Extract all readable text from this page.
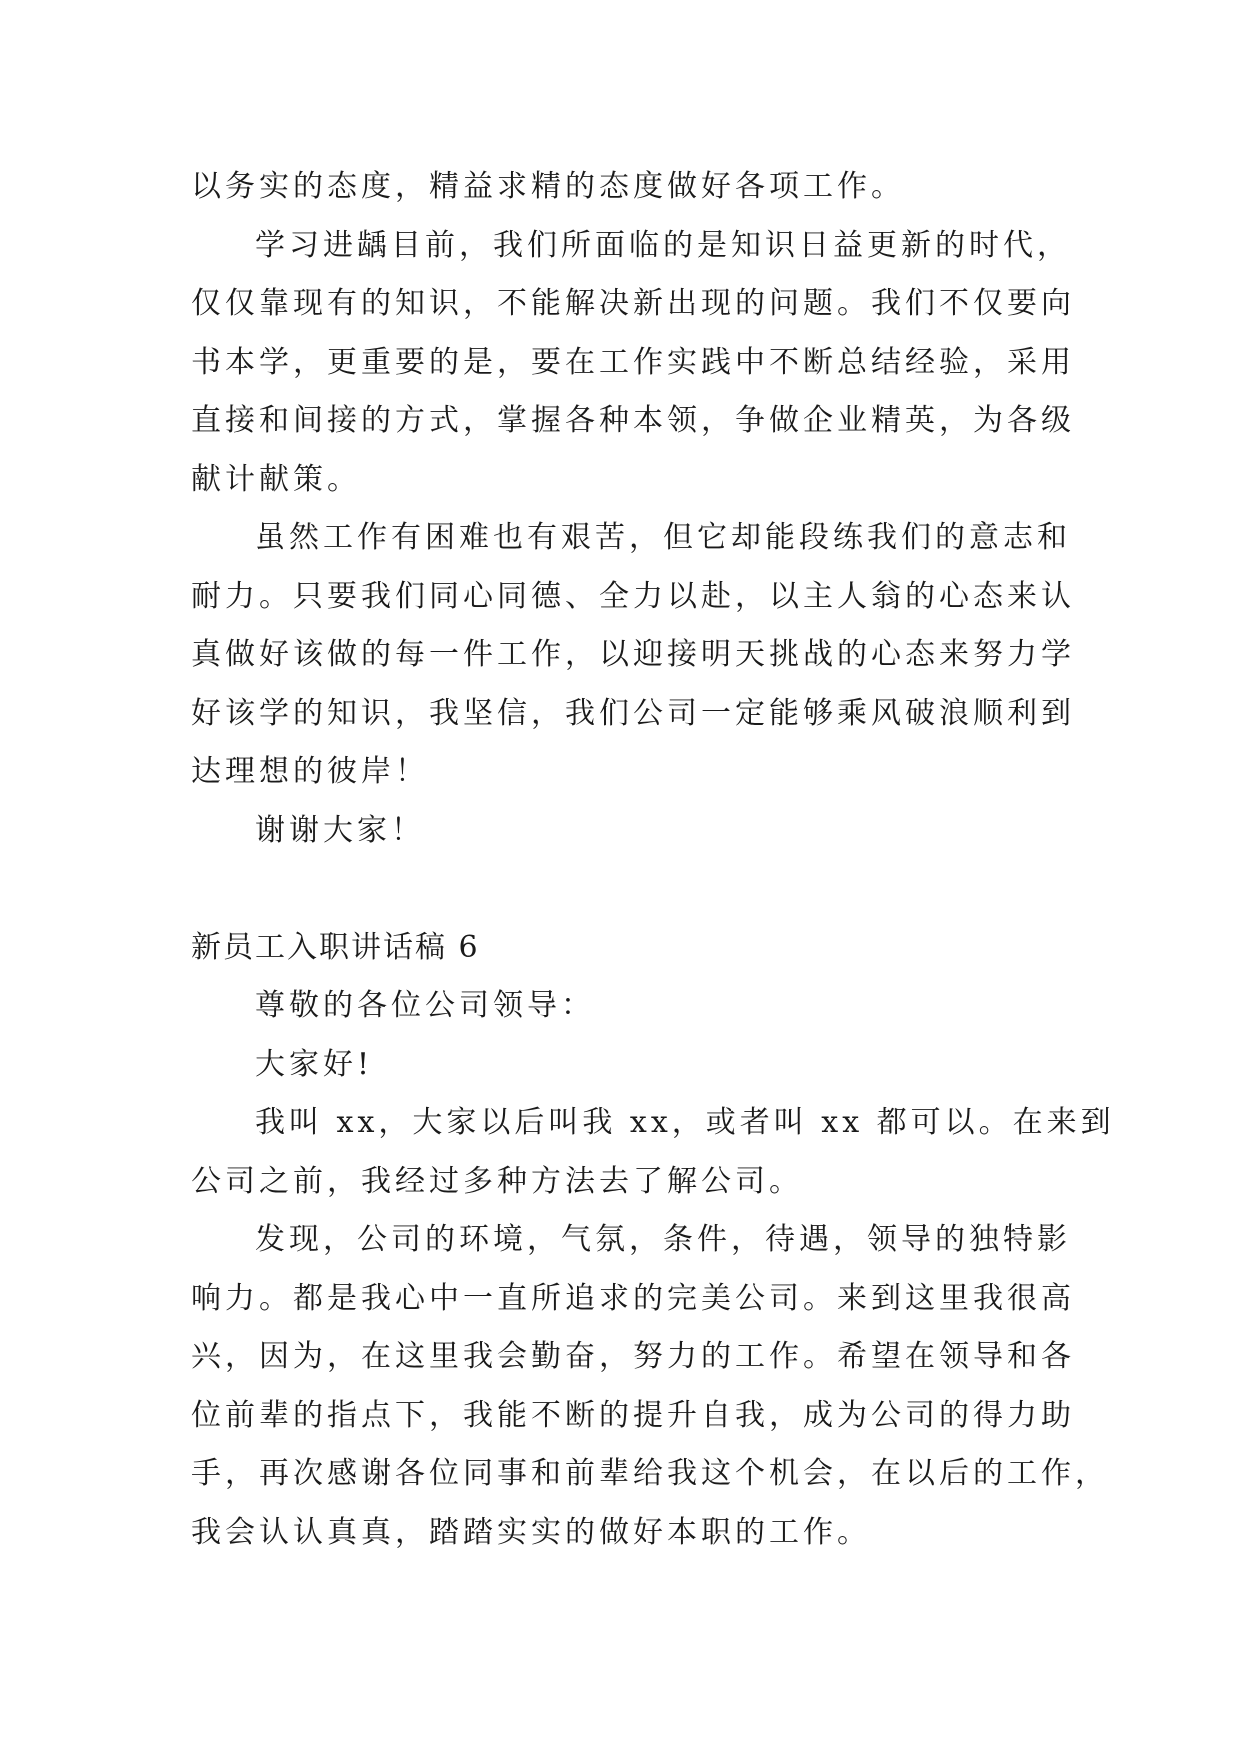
以务实的态度，精益求精的态度做好各项工作。
学习进龋目前，我们所面临的是知识日益更新的时代，
仅仅靠现有的知识，不能解决新出现的问题。我们不仅要向
书本学，更重要的是，要在工作实践中不断总结经验，采用
直接和间接的方式，掌握各种本领，争做企业精英，为各级
献计献策。
虽然工作有困难也有艰苦，但它却能段练我们的意志和
耐力。只要我们同心同德、全力以赴，以主人翁的心态来认
真做好该做的每一件工作，以迎接明天挑战的心态来努力学
好该学的知识，我坚信，我们公司一定能够乘风破浪顺利到
达理想的彼岸！
谢谢大家！
新员工入职讲话稿 6
尊敬的各位公司领导：
大家好!
我叫 xx，大家以后叫我 xx，或者叫 xx 都可以。在来到
公司之前，我经过多种方法去了解公司。
发现，公司的环境，气氛，条件，待遇，领导的独特影
响力。都是我心中一直所追求的完美公司。来到这里我很高
兴，因为，在这里我会勤奋，努力的工作。希望在领导和各
位前辈的指点下，我能不断的提升自我，成为公司的得力助
手，再次感谢各位同事和前辈给我这个机会，在以后的工作，
我会认认真真，踏踏实实的做好本职的工作。
